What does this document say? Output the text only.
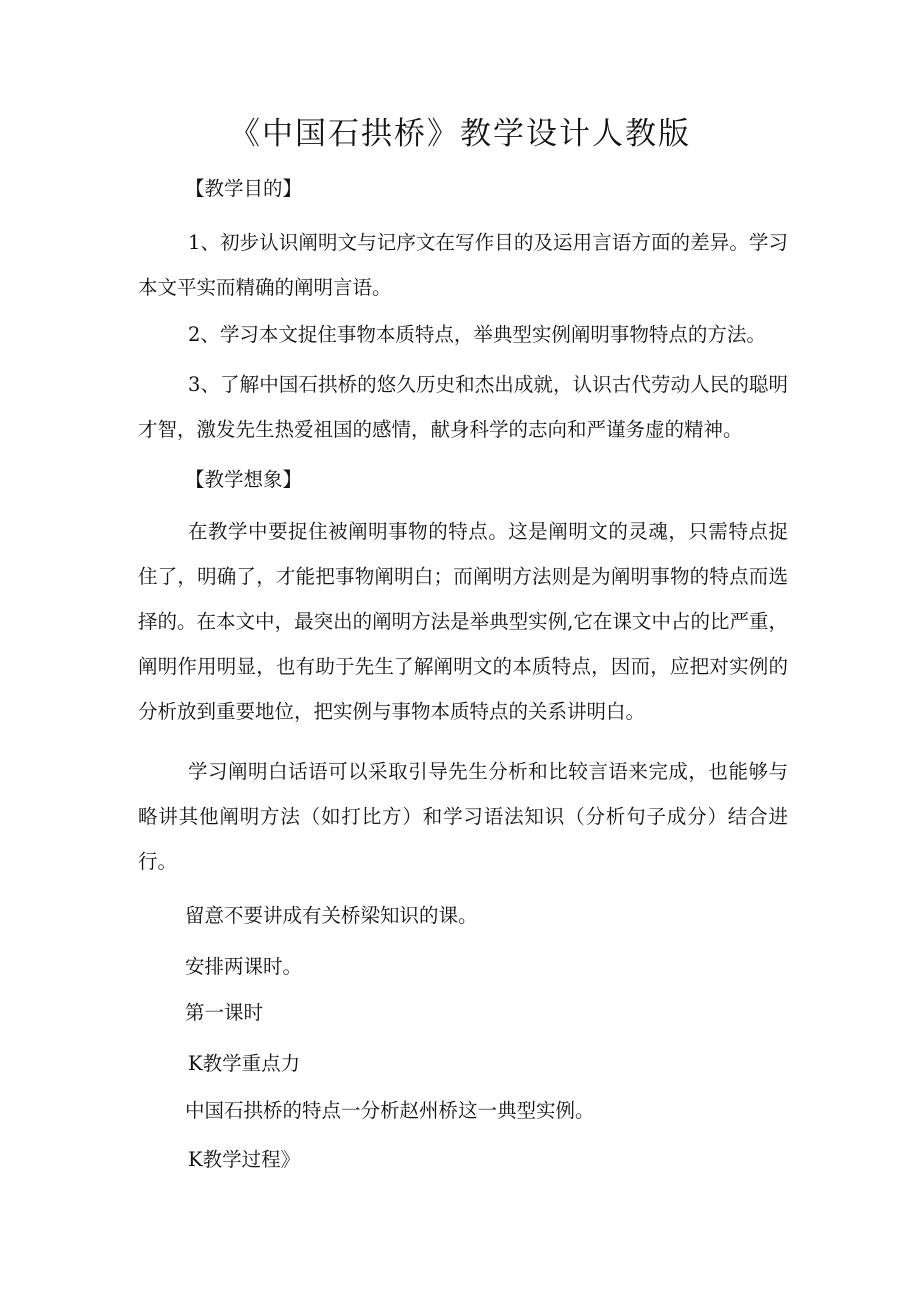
《中国石拱桥》教学设计人教版
【教学目的】
1、初步认识阐明文与记序文在写作目的及运用言语方面的差异。学习本文平实而精确的阐明言语。
2、学习本文捉住事物本质特点，举典型实例阐明事物特点的方法。
3、了解中国石拱桥的悠久历史和杰出成就，认识古代劳动人民的聪明才智，激发先生热爱祖国的感情，献身科学的志向和严谨务虚的精神。
【教学想象】
在教学中要捉住被阐明事物的特点。这是阐明文的灵魂，只需特点捉住了，明确了，才能把事物阐明白；而阐明方法则是为阐明事物的特点而选择的。在本文中，最突出的阐明方法是举典型实例,它在课文中占的比严重，阐明作用明显，也有助于先生了解阐明文的本质特点，因而，应把对实例的分析放到重要地位，把实例与事物本质特点的关系讲明白。
学习阐明白话语可以采取引导先生分析和比较言语来完成，也能够与略讲其他阐明方法（如打比方）和学习语法知识（分析句子成分）结合进行。
留意不要讲成有关桥梁知识的课。
安排两课时。
第一课时
K教学重点力
中国石拱桥的特点一分析赵州桥这一典型实例。
K教学过程》
